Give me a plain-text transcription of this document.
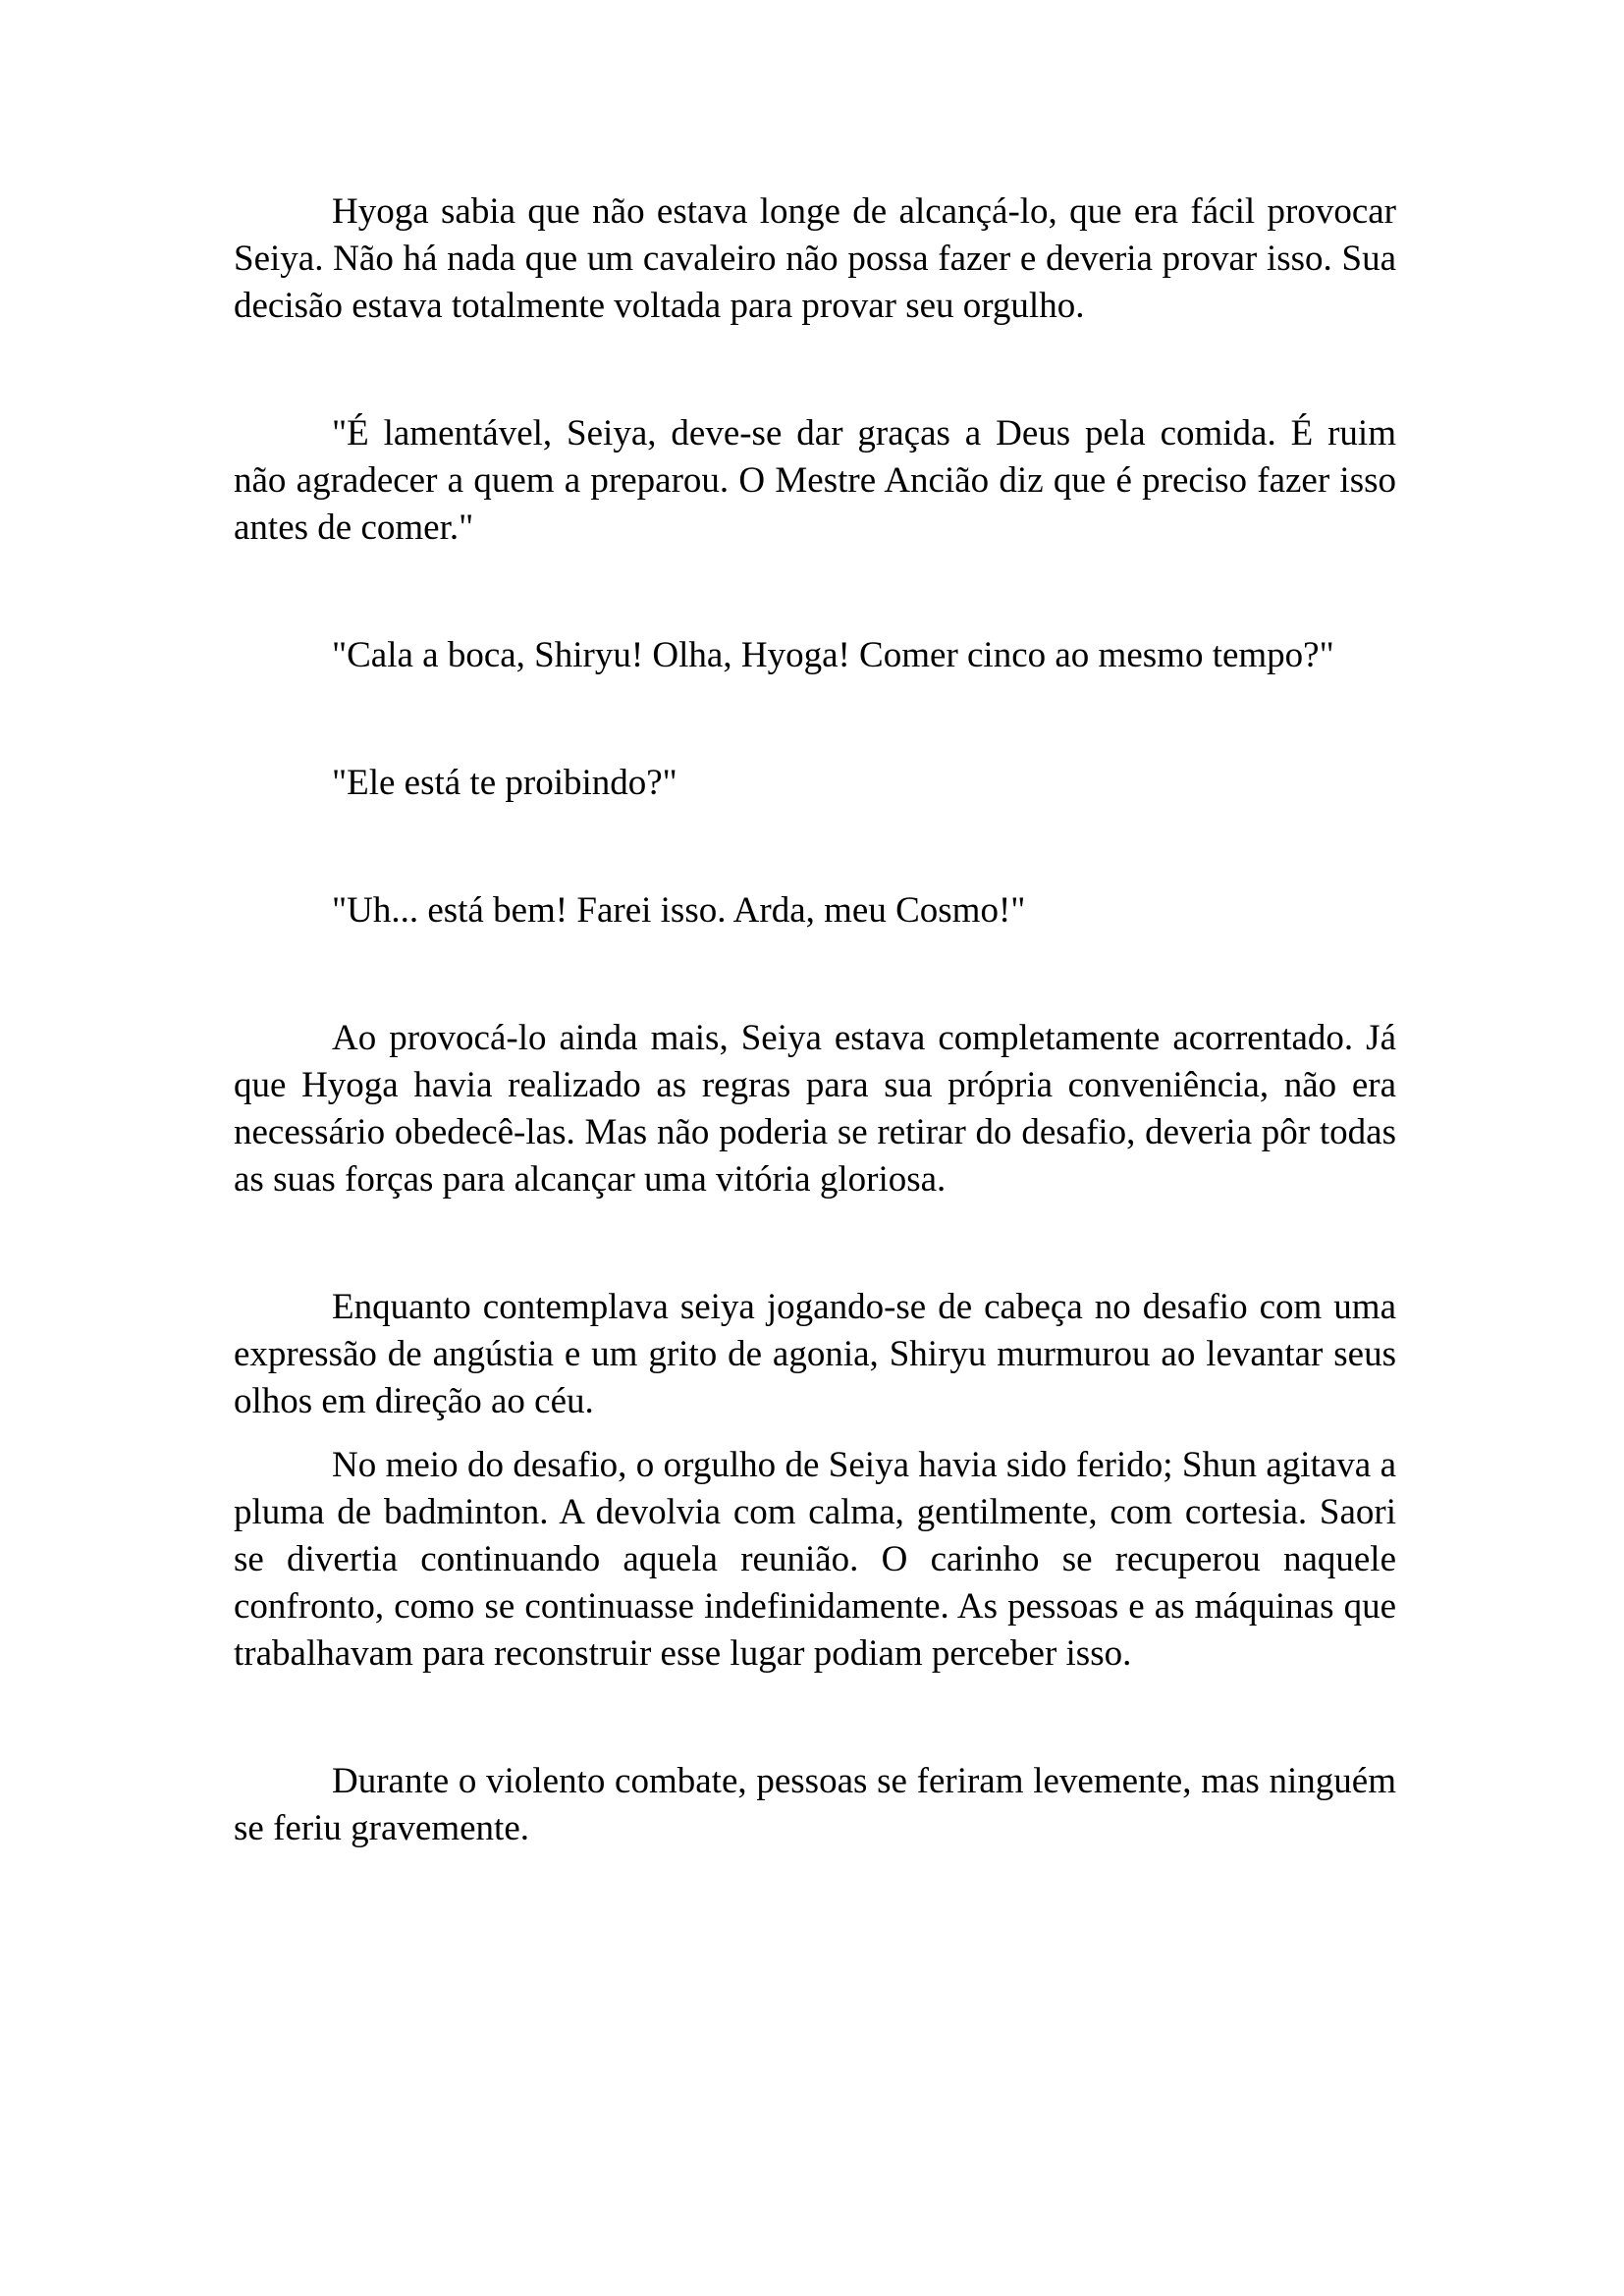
Hyoga sabia que não estava longe de alcançá-lo, que era fácil provocar Seiya. Não há nada que um cavaleiro não possa fazer e deveria provar isso. Sua decisão estava totalmente voltada para provar seu orgulho.

"É lamentável, Seiya, deve-se dar graças a Deus pela comida. É ruim não agradecer a quem a preparou. O Mestre Ancião diz que é preciso fazer isso antes de comer."

"Cala a boca, Shiryu! Olha, Hyoga! Comer cinco ao mesmo tempo?"

"Ele está te proibindo?"

"Uh... está bem! Farei isso. Arda, meu Cosmo!"

Ao provocá-lo ainda mais, Seiya estava completamente acorrentado. Já que Hyoga havia realizado as regras para sua própria conveniência, não era necessário obedecê-las. Mas não poderia se retirar do desafio, deveria pôr todas as suas forças para alcançar uma vitória gloriosa.

Enquanto contemplava seiya jogando-se de cabeça no desafio com uma expressão de angústia e um grito de agonia, Shiryu murmurou ao levantar seus olhos em direção ao céu.

No meio do desafio, o orgulho de Seiya havia sido ferido; Shun agitava a pluma de badminton. A devolvia com calma, gentilmente, com cortesia. Saori se divertia continuando aquela reunião. O carinho se recuperou naquele confronto, como se continuasse indefinidamente. As pessoas e as máquinas que trabalhavam para reconstruir esse lugar podiam perceber isso.

Durante o violento combate, pessoas se feriram levemente, mas ninguém se feriu gravemente.
